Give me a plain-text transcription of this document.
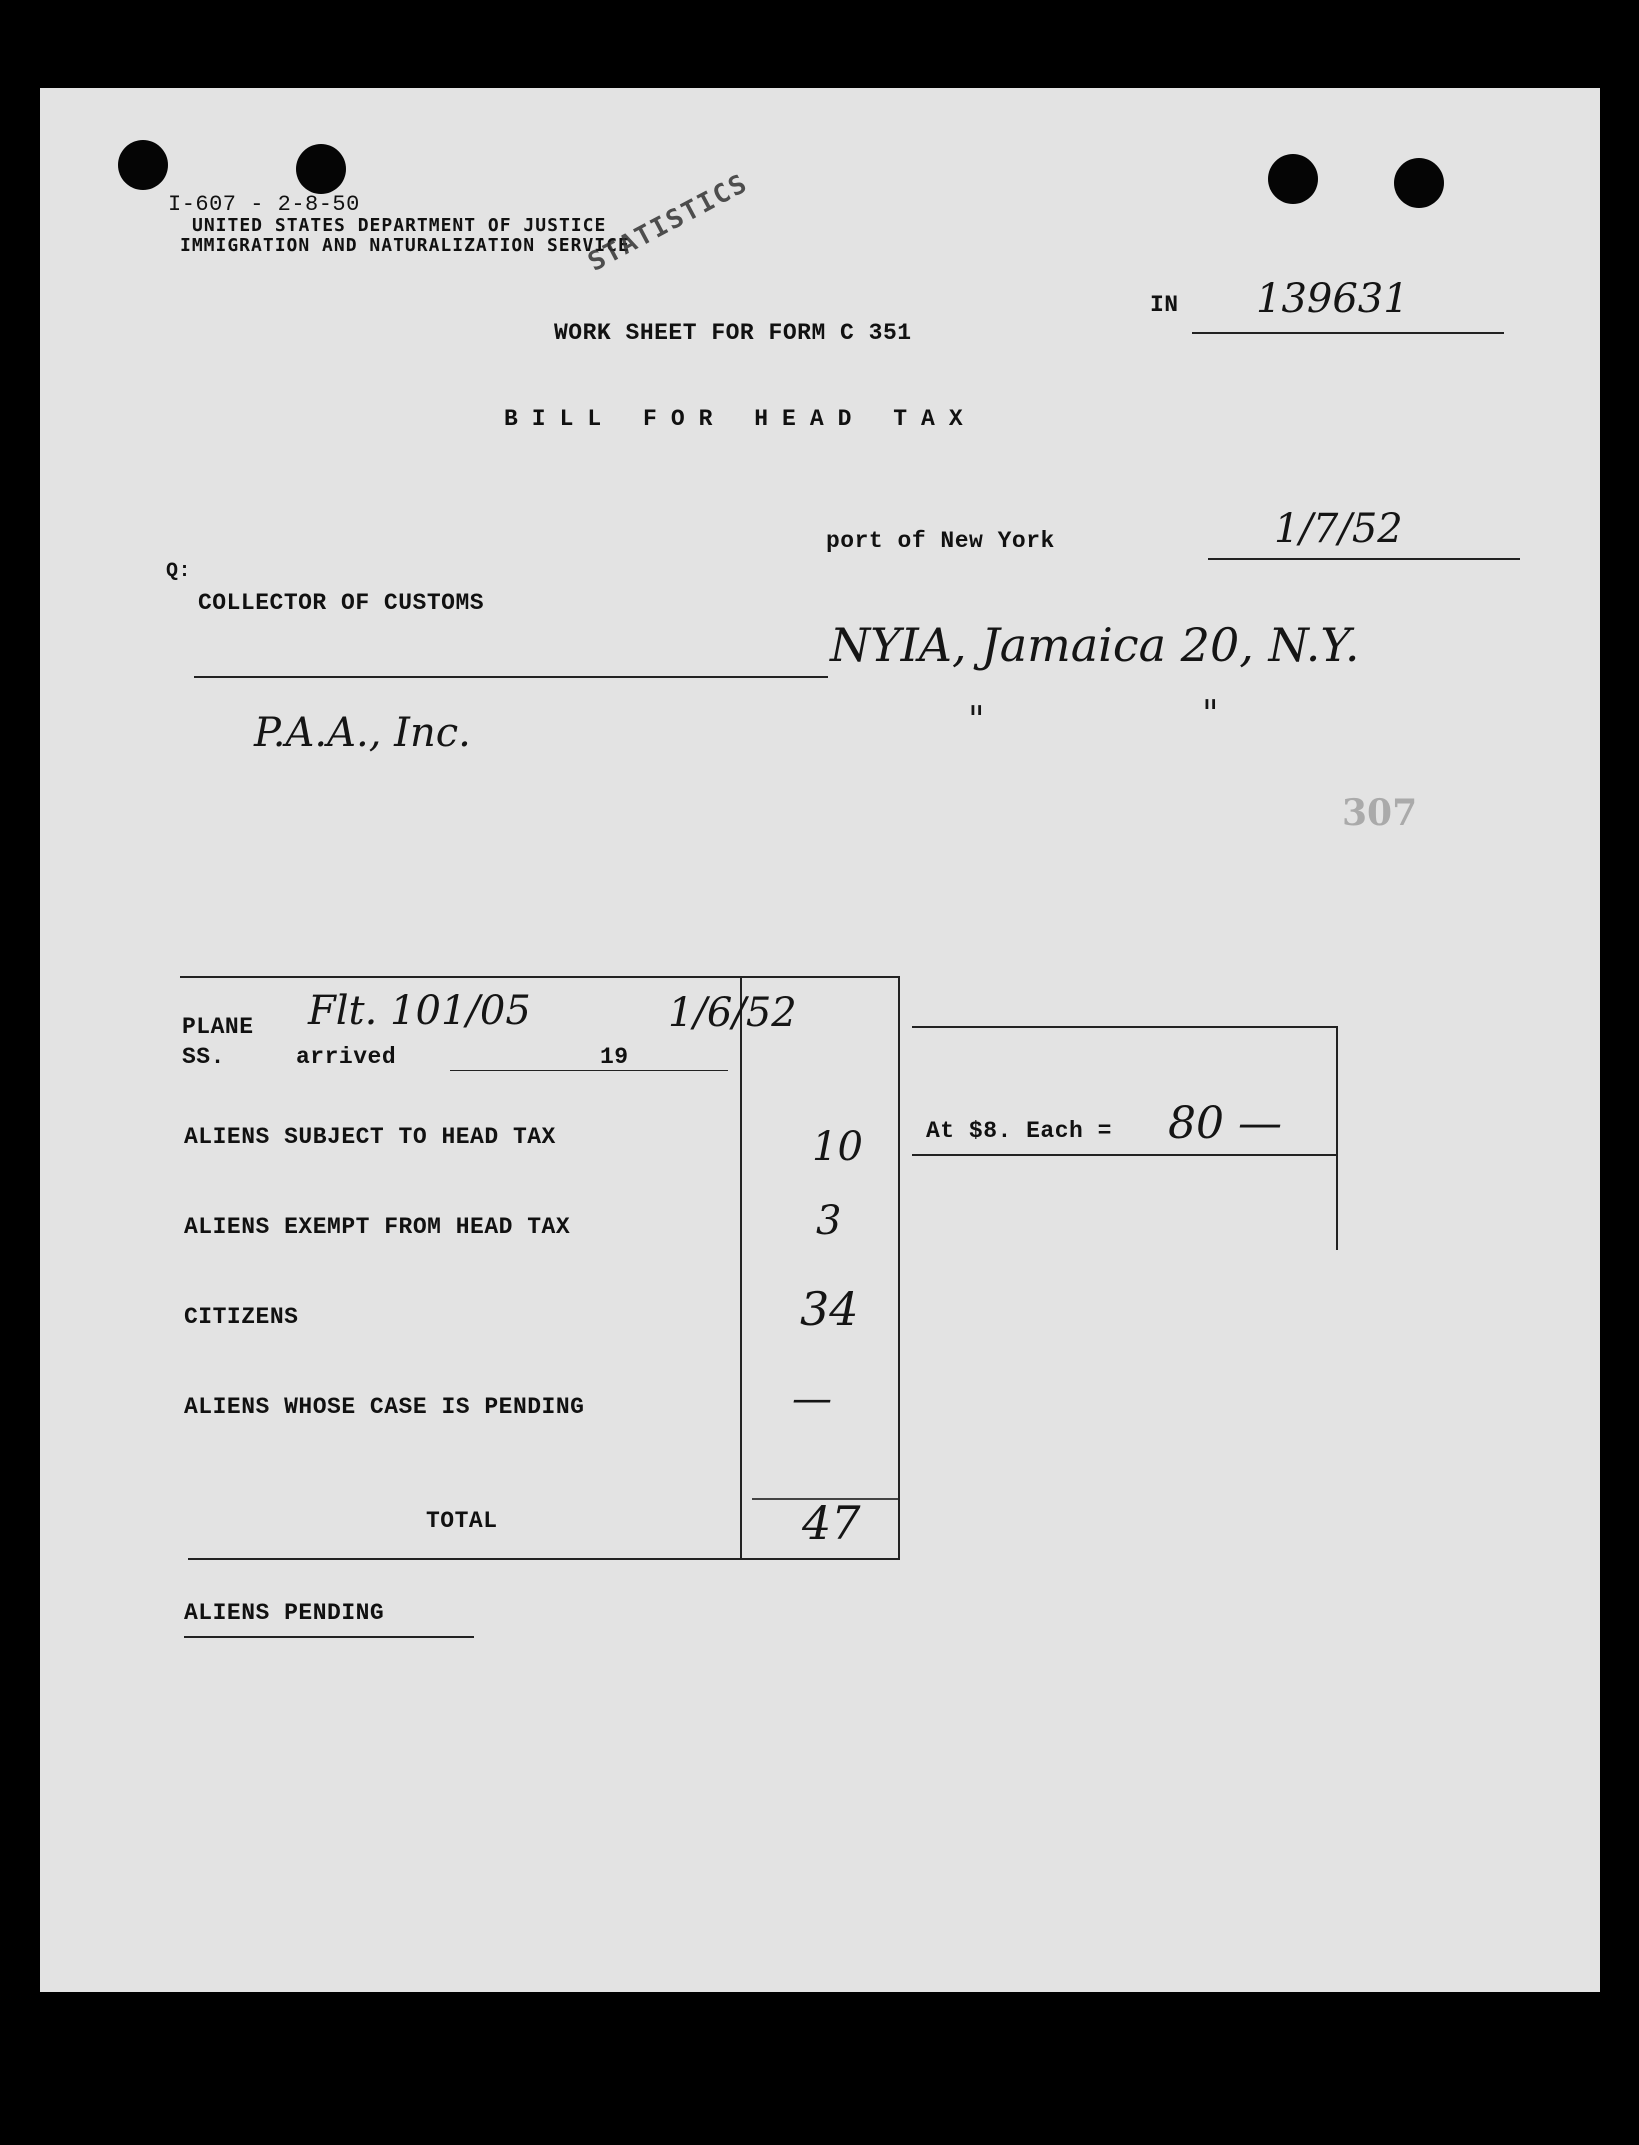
I-607 - 2-8-50
UNITED STATES DEPARTMENT OF JUSTICE
IMMIGRATION AND NATURALIZATION SERVICE
STATISTICS
IN 139631
WORK SHEET FOR FORM C 351
BILL FOR HEAD TAX
port of New York	1/7/52
Q:
COLLECTOR OF CUSTOMS
NYIA, Jamaica 20, N.Y.
P.A.A., Inc.	"	"
307
PLANE
SS.
Flt. 101/05
arrived	19
1/6/52
ALIENS SUBJECT TO HEAD TAX	10
ALIENS EXEMPT FROM HEAD TAX	3
CITIZENS	34
ALIENS WHOSE CASE IS PENDING	—
TOTAL	47
At $8. Each = 80 —
ALIENS PENDING
